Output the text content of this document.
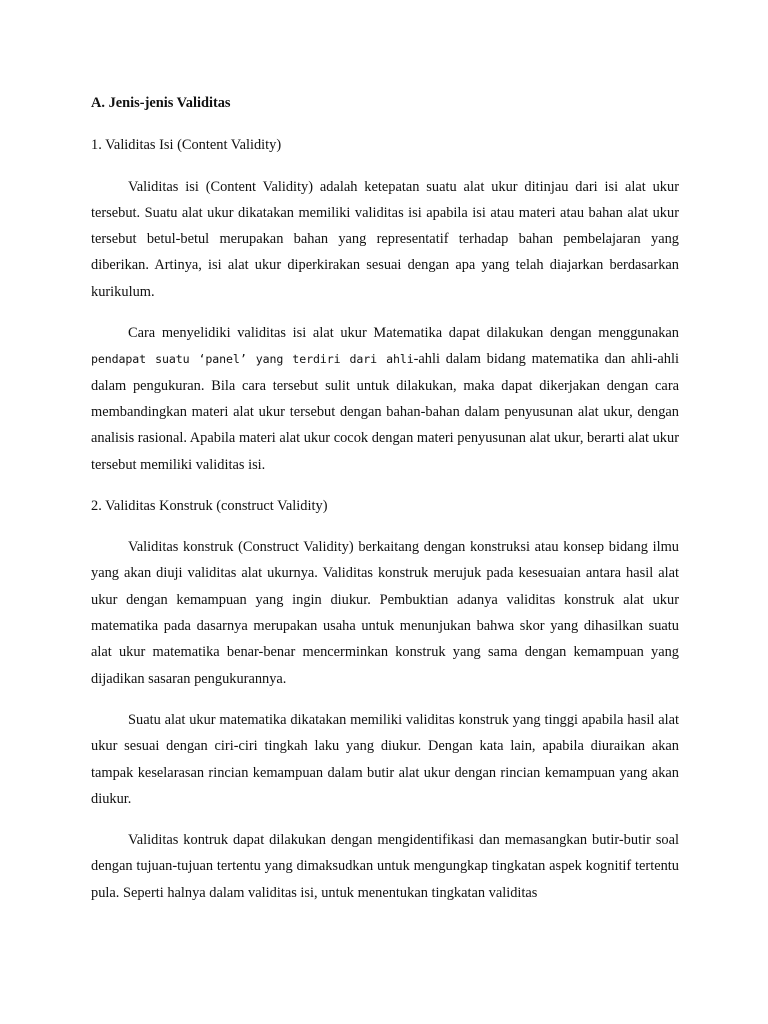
A. Jenis-jenis Validitas

1. Validitas Isi (Content Validity)

Validitas isi (Content Validity) adalah ketepatan suatu alat ukur ditinjau dari isi alat ukur tersebut. Suatu alat ukur dikatakan memiliki validitas isi apabila isi atau materi atau bahan alat ukur tersebut betul-betul merupakan bahan yang representatif terhadap bahan pembelajaran yang diberikan. Artinya, isi alat ukur diperkirakan sesuai dengan apa yang telah diajarkan berdasarkan kurikulum.

Cara menyelidiki validitas isi alat ukur Matematika dapat dilakukan dengan menggunakan pendapat suatu ‘panel’ yang terdiri dari ahli-ahli dalam bidang matematika dan ahli-ahli dalam pengukuran. Bila cara tersebut sulit untuk dilakukan, maka dapat dikerjakan dengan cara membandingkan materi alat ukur tersebut dengan bahan-bahan dalam penyusunan alat ukur, dengan analisis rasional. Apabila materi alat ukur cocok dengan materi penyusunan alat ukur, berarti alat ukur tersebut memiliki validitas isi.

2. Validitas Konstruk (construct Validity)

Validitas konstruk (Construct Validity) berkaitang dengan konstruksi atau konsep bidang ilmu yang akan diuji validitas alat ukurnya. Validitas konstruk merujuk pada kesesuaian antara hasil alat ukur dengan kemampuan yang ingin diukur. Pembuktian adanya validitas konstruk alat ukur matematika pada dasarnya merupakan usaha untuk menunjukan bahwa skor yang dihasilkan suatu alat ukur matematika benar-benar mencerminkan konstruk yang sama dengan kemampuan yang dijadikan sasaran pengukurannya.

Suatu alat ukur matematika dikatakan memiliki validitas konstruk yang tinggi apabila hasil alat ukur sesuai dengan ciri-ciri tingkah laku yang diukur. Dengan kata lain, apabila diuraikan akan tampak keselarasan rincian kemampuan dalam butir alat ukur dengan rincian kemampuan yang akan diukur.

Validitas kontruk dapat dilakukan dengan mengidentifikasi dan memasangkan butir-butir soal dengan tujuan-tujuan tertentu yang dimaksudkan untuk mengungkap tingkatan aspek kognitif tertentu pula. Seperti halnya dalam validitas isi, untuk menentukan tingkatan validitas
